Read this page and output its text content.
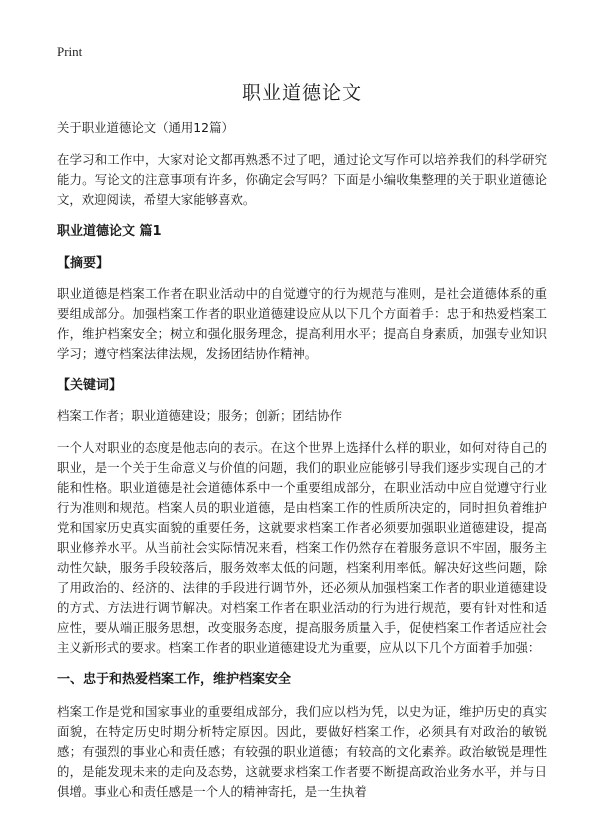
Print
职业道德论文

关于职业道德论文（通用12篇）

在学习和工作中，大家对论文都再熟悉不过了吧，通过论文写作可以培养我们的科学研究能力。写论文的注意事项有许多，你确定会写吗？下面是小编收集整理的关于职业道德论文，欢迎阅读，希望大家能够喜欢。

职业道德论文 篇1

【摘要】

职业道德是档案工作者在职业活动中的自觉遵守的行为规范与准则，是社会道德体系的重要组成部分。加强档案工作者的职业道德建设应从以下几个方面着手：忠于和热爱档案工作，维护档案安全；树立和强化服务理念，提高利用水平；提高自身素质，加强专业知识学习；遵守档案法律法规，发扬团结协作精神。

【关键词】

档案工作者；职业道德建设；服务；创新；团结协作

一个人对职业的态度是他志向的表示。在这个世界上选择什么样的职业，如何对待自己的职业，是一个关于生命意义与价值的问题，我们的职业应能够引导我们逐步实现自己的才能和性格。职业道德是社会道德体系中一个重要组成部分，在职业活动中应自觉遵守行业行为准则和规范。档案人员的职业道德，是由档案工作的性质所决定的，同时担负着维护党和国家历史真实面貌的重要任务，这就要求档案工作者必须要加强职业道德建设，提高职业修养水平。从当前社会实际情况来看，档案工作仍然存在着服务意识不牢固，服务主动性欠缺，服务手段较落后，服务效率太低的问题，档案利用率低。解决好这些问题，除了用政治的、经济的、法律的手段进行调节外，还必须从加强档案工作者的职业道德建设的方式、方法进行调节解决。对档案工作者在职业活动的行为进行规范，要有针对性和适应性，要从端正服务思想，改变服务态度，提高服务质量入手，促使档案工作者适应社会主义新形式的要求。档案工作者的职业道德建设尤为重要，应从以下几个方面着手加强：

一、忠于和热爱档案工作，维护档案安全

档案工作是党和国家事业的重要组成部分，我们应以档为凭，以史为证，维护历史的真实面貌，在特定历史时期分析特定原因。因此，要做好档案工作，必须具有对政治的敏锐感；有强烈的事业心和责任感；有较强的职业道德；有较高的文化素养。政治敏锐是理性的，是能发现未来的走向及态势，这就要求档案工作者要不断提高政治业务水平，并与日俱增。事业心和责任感是一个人的精神寄托，是一生执着
